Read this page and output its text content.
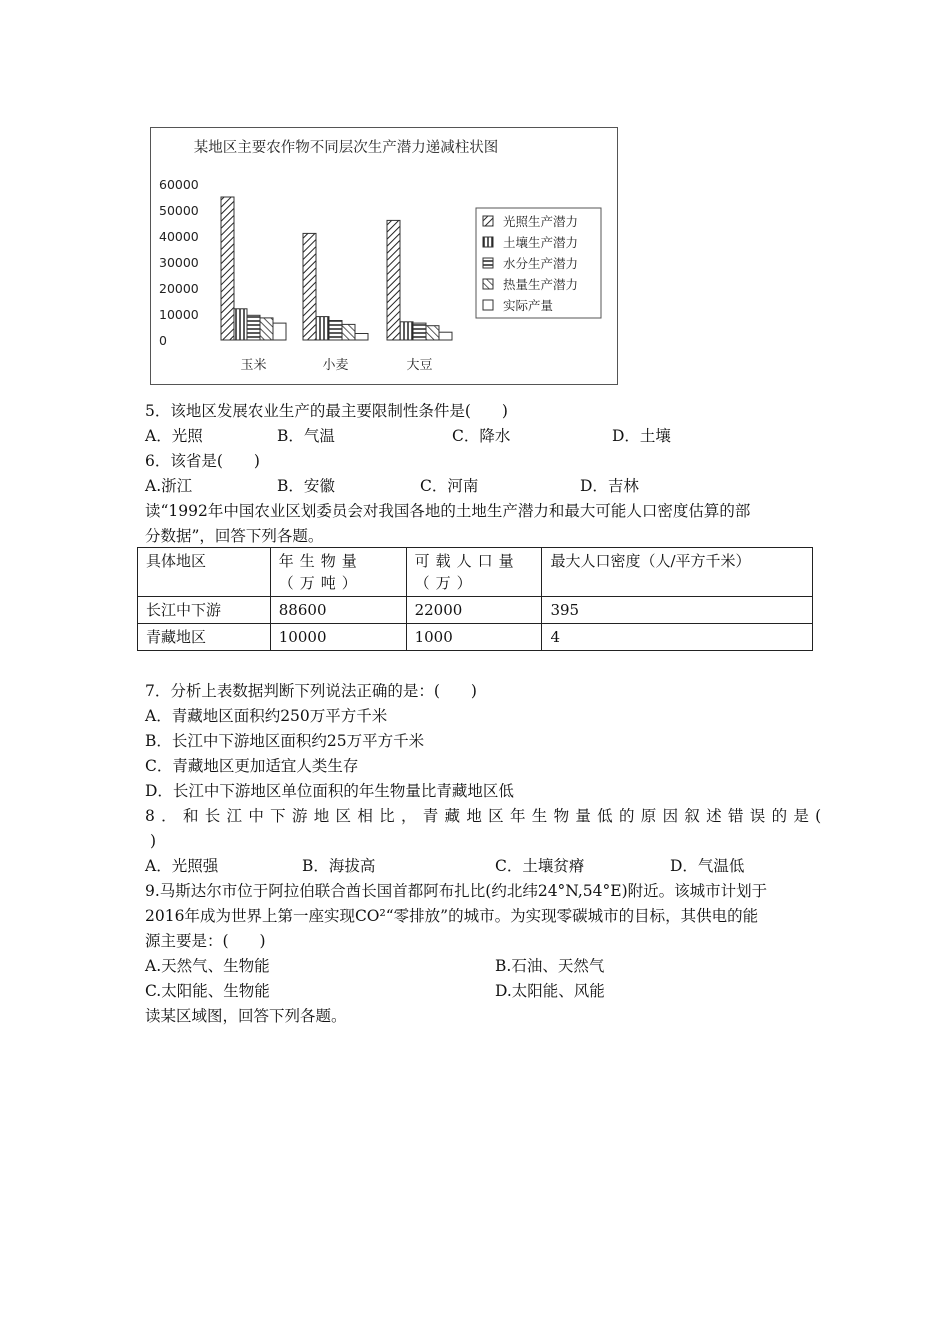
某地区主要农作物不同层次生产潜力递减柱状图
60000
50000
40000
30000
20000
10000
0
玉米	小麦	大豆
光照生产潜力
土壤生产潜力
水分生产潜力
热量生产潜力
实际产量
5．该地区发展农业生产的最主要限制性条件是(　　)
A．光照	B．气温	C．降水	D．土壤
6．该省是(　　)
A.浙江	B．安徽	C．河南	D．吉林
读“1992年中国农业区划委员会对我国各地的土地生产潜力和最大可能人口密度估算的部
分数据”，回答下列各题。
具体地区	年生物量（万吨）	可载人口量（万）	最大人口密度（人/平方千米）
长江中下游	88600	22000	395
青藏地区	10000	1000	4
7．分析上表数据判断下列说法正确的是：(　　)
A．青藏地区面积约250万平方千米
B．长江中下游地区面积约25万平方千米
C．青藏地区更加适宜人类生存
D．长江中下游地区单位面积的年生物量比青藏地区低
8．和长江中下游地区相比，青藏地区年生物量低的原因叙述错误的是(
)
A．光照强	B．海拔高	C．土壤贫瘠	D．气温低
9.马斯达尔市位于阿拉伯联合酋长国首都阿布扎比(约北纬24°N,54°E)附近。该城市计划于
2016年成为世界上第一座实现CO²“零排放”的城市。为实现零碳城市的目标，其供电的能
源主要是：(　　)
A.天然气、生物能	B.石油、天然气
C.太阳能、生物能	D.太阳能、风能
读某区域图，回答下列各题。
